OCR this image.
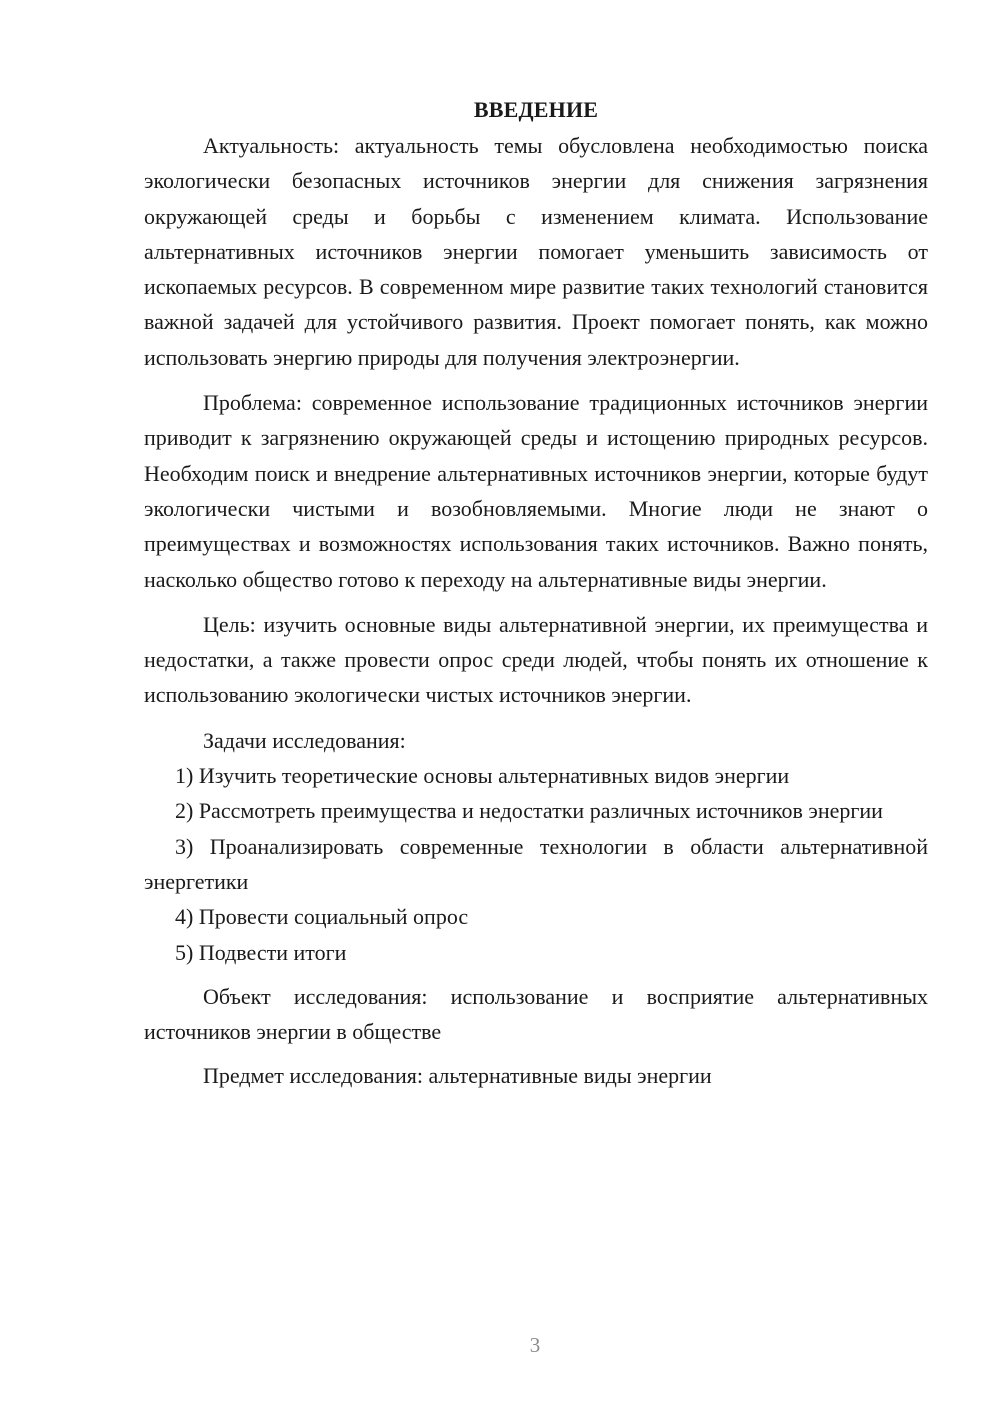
ВВЕДЕНИЕ

Актуальность: актуальность темы обусловлена необходимостью поиска экологически безопасных источников энергии для снижения загрязнения окружающей среды и борьбы с изменением климата. Использование альтернативных источников энергии помогает уменьшить зависимость от ископаемых ресурсов. В современном мире развитие таких технологий становится важной задачей для устойчивого развития. Проект помогает понять, как можно использовать энергию природы для получения электроэнергии.

Проблема: современное использование традиционных источников энергии приводит к загрязнению окружающей среды и истощению природных ресурсов. Необходим поиск и внедрение альтернативных источников энергии, которые будут экологически чистыми и возобновляемыми. Многие люди не знают о преимуществах и возможностях использования таких источников. Важно понять, насколько общество готово к переходу на альтернативные виды энергии.

Цель: изучить основные виды альтернативной энергии, их преимущества и недостатки, а также провести опрос среди людей, чтобы понять их отношение к использованию экологически чистых источников энергии.

Задачи исследования:

1) Изучить теоретические основы альтернативных видов энергии

2) Рассмотреть преимущества и недостатки различных источников энергии

3) Проанализировать современные технологии в области альтернативной энергетики

4) Провести социальный опрос

5) Подвести итоги

Объект исследования: использование и восприятие альтернативных источников энергии в обществе

Предмет исследования: альтернативные виды энергии

3
